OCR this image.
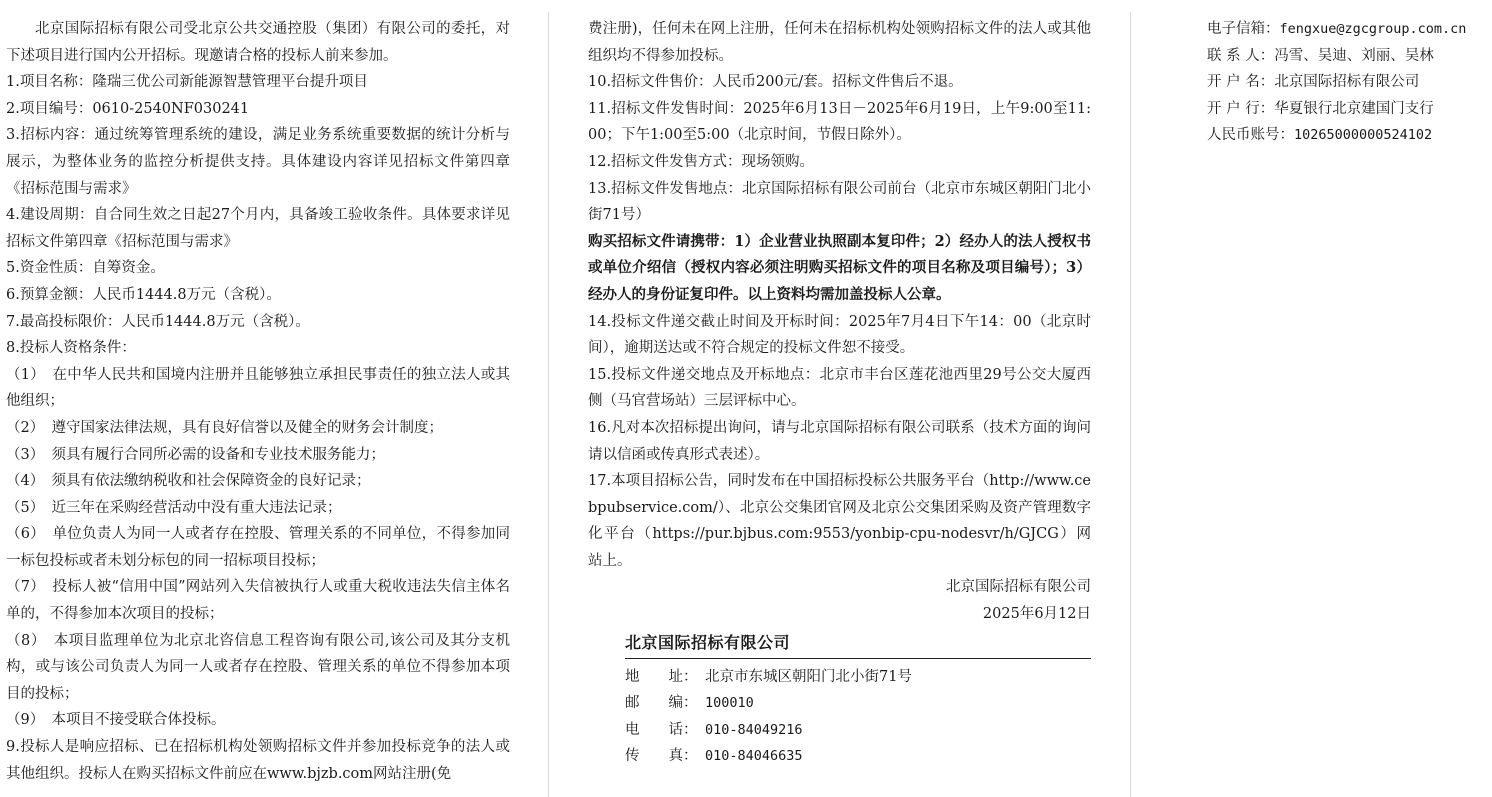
北京国际招标有限公司受北京公共交通控股（集团）有限公司的委托，对下述项目进行国内公开招标。现邀请合格的投标人前来参加。

1.项目名称：隆瑞三优公司新能源智慧管理平台提升项目

2.项目编号：0610-2540NF030241

3.招标内容：通过统筹管理系统的建设，满足业务系统重要数据的统计分析与展示，为整体业务的监控分析提供支持。具体建设内容详见招标文件第四章《招标范围与需求》

4.建设周期：自合同生效之日起27个月内，具备竣工验收条件。具体要求详见招标文件第四章《招标范围与需求》

5.资金性质：自筹资金。

6.预算金额：人民币1444.8万元（含税）。

7.最高投标限价：人民币1444.8万元（含税）。

8.投标人资格条件：

（1）　在中华人民共和国境内注册并且能够独立承担民事责任的独立法人或其他组织；

（2）　遵守国家法律法规，具有良好信誉以及健全的财务会计制度；

（3）　须具有履行合同所必需的设备和专业技术服务能力；

（4）　须具有依法缴纳税收和社会保障资金的良好记录；

（5）　近三年在采购经营活动中没有重大违法记录；

（6）　单位负责人为同一人或者存在控股、管理关系的不同单位，不得参加同一标包投标或者未划分标包的同一招标项目投标；

（7）　投标人被“信用中国”网站列入失信被执行人或重大税收违法失信主体名单的，不得参加本次项目的投标；

（8）　本项目监理单位为北京北咨信息工程咨询有限公司,该公司及其分支机构，或与该公司负责人为同一人或者存在控股、管理关系的单位不得参加本项目的投标；

（9）　本项目不接受联合体投标。

9.投标人是响应招标、已在招标机构处领购招标文件并参加投标竞争的法人或其他组织。投标人在购买招标文件前应在www.bjzb.com网站注册(免

费注册)，任何未在网上注册，任何未在招标机构处领购招标文件的法人或其他组织均不得参加投标。

10.招标文件售价：人民币200元/套。招标文件售后不退。

11.招标文件发售时间：2025年6月13日－2025年6月19日，上午9:00至11:00；下午1:00至5:00（北京时间，节假日除外）。

12.招标文件发售方式：现场领购。

13.招标文件发售地点：北京国际招标有限公司前台（北京市东城区朝阳门北小街71号）

购买招标文件请携带：1）企业营业执照副本复印件；2）经办人的法人授权书或单位介绍信（授权内容必须注明购买招标文件的项目名称及项目编号）；3）经办人的身份证复印件。以上资料均需加盖投标人公章。

14.投标文件递交截止时间及开标时间：2025年7月4日下午14：00（北京时间），逾期送达或不符合规定的投标文件恕不接受。

15.投标文件递交地点及开标地点：北京市丰台区莲花池西里29号公交大厦西侧（马官营场站）三层评标中心。

16.凡对本次招标提出询问，请与北京国际招标有限公司联系（技术方面的询问请以信函或传真形式表述）。

17.本项目招标公告，同时发布在中国招标投标公共服务平台（http://www.cebpubservice.com/）、北京公交集团官网及北京公交集团采购及资产管理数字化平台（https://pur.bjbus.com:9553/yonbip-cpu-nodesvr/h/GJCG）网站上。

北京国际招标有限公司

2025年6月12日

北京国际招标有限公司
地　　址： 北京市东城区朝阳门北小街71号
邮　　编： 100010
电　　话： 010-84049216
传　　真： 010-84046635
电子信箱：fengxue@zgcgroup.com.cn
联 系 人：冯雪、吴迪、刘丽、吴林
开 户 名：北京国际招标有限公司
开 户 行：华夏银行北京建国门支行
人民币账号：10265000000524102
